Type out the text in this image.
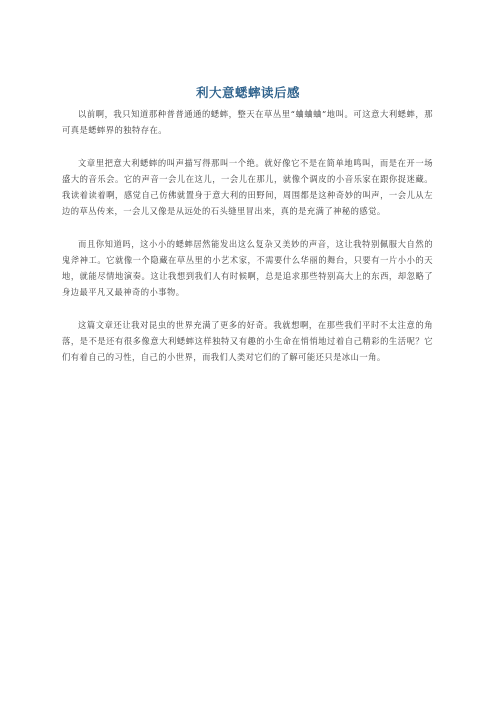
利大意蟋蟀读后感

以前啊，我只知道那种普普通通的蟋蟀，整天在草丛里“蛐蛐蛐”地叫。可这意大利蟋蟀，那可真是蟋蟀界的独特存在。

文章里把意大利蟋蟀的叫声描写得那叫一个绝。就好像它不是在简单地鸣叫，而是在开一场盛大的音乐会。它的声音一会儿在这儿，一会儿在那儿，就像个调皮的小音乐家在跟你捉迷藏。我读着读着啊，感觉自己仿佛就置身于意大利的田野间，周围都是这种奇妙的叫声，一会儿从左边的草丛传来，一会儿又像是从远处的石头缝里冒出来，真的是充满了神秘的感觉。

而且你知道吗，这小小的蟋蟀居然能发出这么复杂又美妙的声音，这让我特别佩服大自然的鬼斧神工。它就像一个隐藏在草丛里的小艺术家，不需要什么华丽的舞台，只要有一片小小的天地，就能尽情地演奏。这让我想到我们人有时候啊，总是追求那些特别高大上的东西，却忽略了身边最平凡又最神奇的小事物。

这篇文章还让我对昆虫的世界充满了更多的好奇。我就想啊，在那些我们平时不太注意的角落，是不是还有很多像意大利蟋蟀这样独特又有趣的小生命在悄悄地过着自己精彩的生活呢？它们有着自己的习性，自己的小世界，而我们人类对它们的了解可能还只是冰山一角。
